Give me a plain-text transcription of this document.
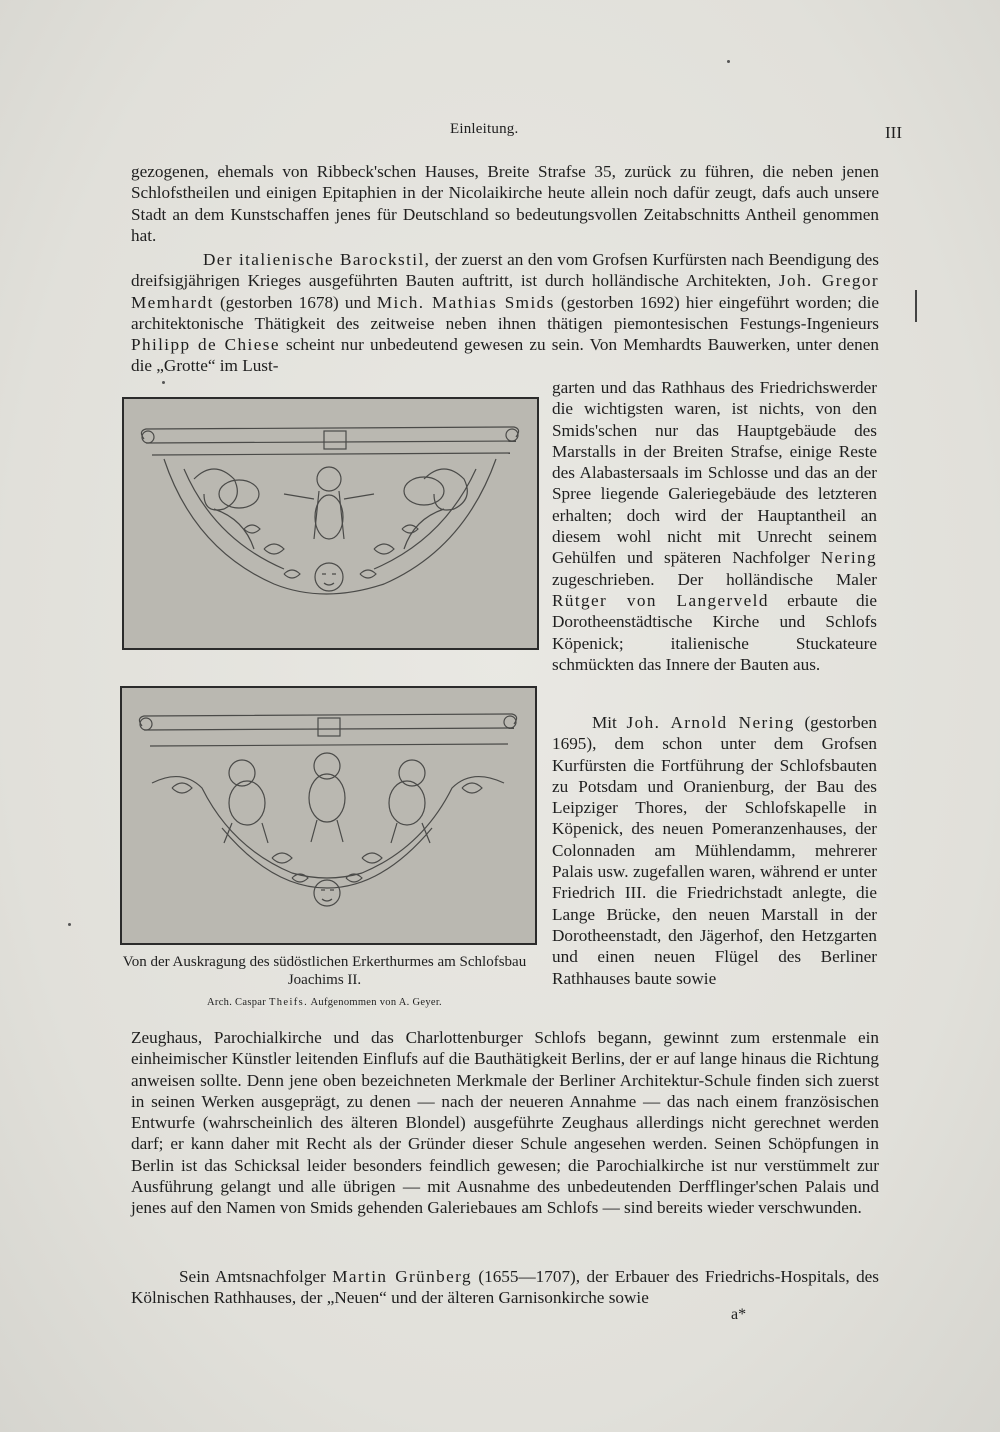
Einleitung.	III

gezogenen, ehemals von Ribbeck'schen Hauses, Breite Strafse 35, zurück zu führen, die neben jenen Schlofstheilen und einigen Epitaphien in der Nicolaikirche heute allein noch dafür zeugt, dafs auch unsere Stadt an dem Kunstschaffen jenes für Deutschland so bedeutungsvollen Zeitabschnitts Antheil genommen hat.

Der italienische Barockstil, der zuerst an den vom Grofsen Kurfürsten nach Beendigung des dreifsigjährigen Krieges ausgeführten Bauten auftritt, ist durch holländische Architekten, Joh. Gregor Memhardt (gestorben 1678) und Mich. Mathias Smids (gestorben 1692) hier eingeführt worden; die architektonische Thätigkeit des zeitweise neben ihnen thätigen piemontesischen Festungs-Ingenieurs Philipp de Chiese scheint nur unbedeutend gewesen zu sein. Von Memhardts Bauwerken, unter denen die „Grotte“ im Lust-

garten und das Rathhaus des Friedrichswerder die wichtigsten waren, ist nichts, von den Smids'schen nur das Hauptgebäude des Marstalls in der Breiten Strafse, einige Reste des Alabastersaals im Schlosse und das an der Spree liegende Galeriegebäude des letzteren erhalten; doch wird der Hauptantheil an diesem wohl nicht mit Unrecht seinem Gehülfen und späteren Nachfolger Nering zugeschrieben. Der holländische Maler Rütger von Langerveld erbaute die Dorotheenstädtische Kirche und Schlofs Köpenick; italienische Stuckateure schmückten das Innere der Bauten aus.

Mit Joh. Arnold Nering (gestorben 1695), dem schon unter dem Grofsen Kurfürsten die Fortführung der Schlofsbauten zu Potsdam und Oranienburg, der Bau des Leipziger Thores, der Schlofskapelle in Köpenick, des neuen Pomeranzenhauses, der Colonnaden am Mühlendamm, mehrerer Palais usw. zugefallen waren, während er unter Friedrich III. die Friedrichstadt anlegte, die Lange Brücke, den neuen Marstall in der Dorotheenstadt, den Jägerhof, den Hetzgarten und einen neuen Flügel des Berliner Rathhauses baute sowie

Zeughaus, Parochialkirche und das Charlottenburger Schlofs begann, gewinnt zum erstenmale ein einheimischer Künstler leitenden Einflufs auf die Bauthätigkeit Berlins, der er auf lange hinaus die Richtung anweisen sollte. Denn jene oben bezeichneten Merkmale der Berliner Architektur-Schule finden sich zuerst in seinen Werken ausgeprägt, zu denen — nach der neueren Annahme — das nach einem französischen Entwurfe (wahrscheinlich des älteren Blondel) ausgeführte Zeughaus allerdings nicht gerechnet werden darf; er kann daher mit Recht als der Gründer dieser Schule angesehen werden. Seinen Schöpfungen in Berlin ist das Schicksal leider besonders feindlich gewesen; die Parochialkirche ist nur verstümmelt zur Ausführung gelangt und alle übrigen — mit Ausnahme des unbedeutenden Derfflinger'schen Palais und jenes auf den Namen von Smids gehenden Galeriebaues am Schlofs — sind bereits wieder verschwunden.

Sein Amtsnachfolger Martin Grünberg (1655—1707), der Erbauer des Friedrichs-Hospitals, des Kölnischen Rathhauses, der „Neuen“ und der älteren Garnisonkirche sowie

a*
Von der Auskragung des südöstlichen Erkerthurmes am Schlofsbau Joachims II.
Arch. Caspar Theifs. Aufgenommen von A. Geyer.
